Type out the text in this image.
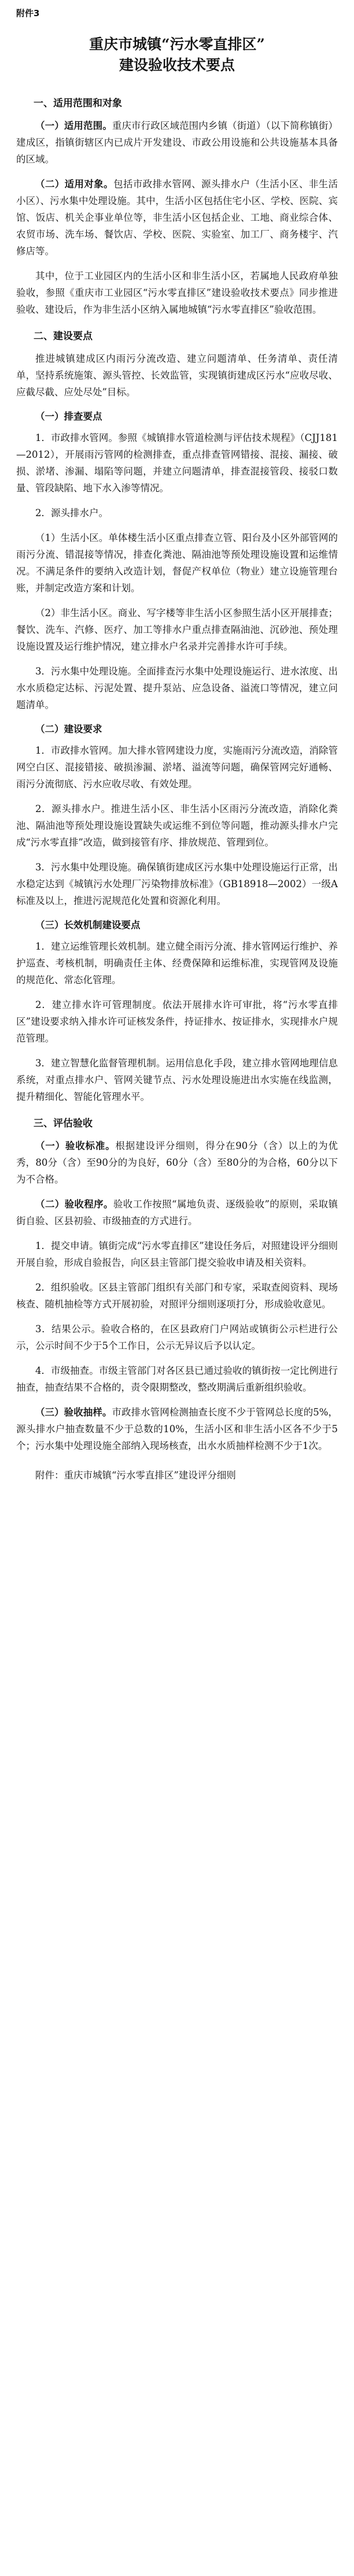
附件3
重庆市城镇“污水零直排区”
建设验收技术要点
一、适用范围和对象

（一）适用范围。重庆市行政区域范围内乡镇（街道）（以下简称镇街）建成区，指镇街辖区内已成片开发建设、市政公用设施和公共设施基本具备的区域。

（二）适用对象。包括市政排水管网、源头排水户（生活小区、非生活小区）、污水集中处理设施。其中，生活小区包括住宅小区、学校、医院、宾馆、饭店、机关企事业单位等，非生活小区包括企业、工地、商业综合体、农贸市场、洗车场、餐饮店、学校、医院、实验室、加工厂、商务楼宇、汽修店等。

其中，位于工业园区内的生活小区和非生活小区，若属地人民政府单独验收，参照《重庆市工业园区“污水零直排区”建设验收技术要点》同步推进验收、建设后，作为非生活小区纳入属地城镇“污水零直排区”验收范围。

二、建设要点

推进城镇建成区内雨污分流改造、建立问题清单、任务清单、责任清单，坚持系统施策、源头管控、长效监管，实现镇街建成区污水“应收尽收、应截尽截、应处尽处”目标。

（一）排查要点

1．市政排水管网。参照《城镇排水管道检测与评估技术规程》（CJJ181—2012），开展雨污管网的检测排查，重点排查管网错接、混接、漏接、破损、淤堵、渗漏、塌陷等问题，并建立问题清单，排查混接管段、接驳口数量、管段缺陷、地下水入渗等情况。

2．源头排水户。

（1）生活小区。单体楼生活小区重点排查立管、阳台及小区外部管网的雨污分流、错混接等情况，排查化粪池、隔油池等预处理设施设置和运维情况。不满足条件的要纳入改造计划，督促产权单位（物业）建立设施管理台账，并制定改造方案和计划。

（2）非生活小区。商业、写字楼等非生活小区参照生活小区开展排查；餐饮、洗车、汽修、医疗、加工等排水户重点排查隔油池、沉砂池、预处理设施设置及运行维护情况，建立排水户名录并完善排水许可手续。

3．污水集中处理设施。全面排查污水集中处理设施运行、进水浓度、出水水质稳定达标、污泥处置、提升泵站、应急设备、溢流口等情况，建立问题清单。

（二）建设要求

1．市政排水管网。加大排水管网建设力度，实施雨污分流改造，消除管网空白区、混接错接、破损渗漏、淤堵、溢流等问题，确保管网完好通畅、雨污分流彻底、污水应收尽收、有效处理。

2．源头排水户。推进生活小区、非生活小区雨污分流改造，消除化粪池、隔油池等预处理设施设置缺失或运维不到位等问题，推动源头排水户完成“污水零直排”改造，做到接管有序、排放规范、管理到位。

3．污水集中处理设施。确保镇街建成区污水集中处理设施运行正常，出水稳定达到《城镇污水处理厂污染物排放标准》（GB18918—2002）一级A标准及以上，推进污泥规范化处置和资源化利用。

（三）长效机制建设要点

1．建立运维管理长效机制。建立健全雨污分流、排水管网运行维护、养护巡查、考核机制，明确责任主体、经费保障和运维标准，实现管网及设施的规范化、常态化管理。

2．建立排水许可管理制度。依法开展排水许可审批，将“污水零直排区”建设要求纳入排水许可证核发条件，持证排水、按证排水，实现排水户规范管理。

3．建立智慧化监督管理机制。运用信息化手段，建立排水管网地理信息系统，对重点排水户、管网关键节点、污水处理设施进出水实施在线监测，提升精细化、智能化管理水平。

三、评估验收

（一）验收标准。根据建设评分细则，得分在90分（含）以上的为优秀，80分（含）至90分的为良好，60分（含）至80分的为合格，60分以下为不合格。

（二）验收程序。验收工作按照“属地负责、逐级验收”的原则，采取镇街自验、区县初验、市级抽查的方式进行。

1．提交申请。镇街完成“污水零直排区”建设任务后，对照建设评分细则开展自验，形成自验报告，向区县主管部门提交验收申请及相关资料。

2．组织验收。区县主管部门组织有关部门和专家，采取查阅资料、现场核查、随机抽检等方式开展初验，对照评分细则逐项打分，形成验收意见。

3．结果公示。验收合格的，在区县政府门户网站或镇街公示栏进行公示，公示时间不少于5个工作日，公示无异议后予以认定。

4．市级抽查。市级主管部门对各区县已通过验收的镇街按一定比例进行抽查，抽查结果不合格的，责令限期整改，整改期满后重新组织验收。

（三）验收抽样。市政排水管网检测抽查长度不少于管网总长度的5%，源头排水户抽查数量不少于总数的10%，生活小区和非生活小区各不少于5个；污水集中处理设施全部纳入现场核查，出水水质抽样检测不少于1次。

附件：重庆市城镇“污水零直排区”建设评分细则
